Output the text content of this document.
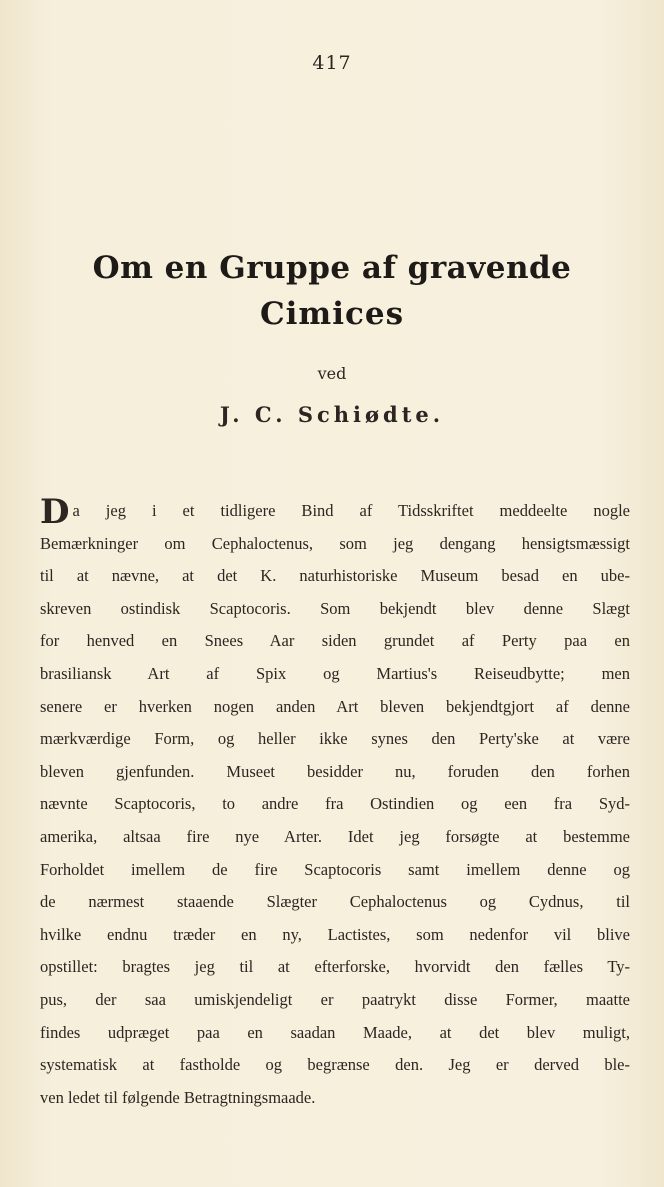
417
Om en Gruppe af gravende
Cimices
ved
J. C. Schiødte.
D a jeg i et tidligere Bind af Tidsskriftet meddeelte nogle
Bemærkninger om Cephaloctenus, som jeg dengang hensigtsmæssigt
til at nævne, at det K. naturhistoriske Museum besad en ube-
skreven ostindisk Scaptocoris. Som bekjendt blev denne Slægt
for henved en Snees Aar siden grundet af Perty paa en
brasiliansk Art af Spix og Martius's Reiseudbytte; men
senere er hverken nogen anden Art bleven bekjendtgjort af denne
mærkværdige Form, og heller ikke synes den Perty'ske at være
bleven gjenfunden. Museet besidder nu, foruden den forhen
nævnte Scaptocoris, to andre fra Ostindien og een fra Syd-
amerika, altsaa fire nye Arter. Idet jeg forsøgte at bestemme
Forholdet imellem de fire Scaptocoris samt imellem denne og
de nærmest staaende Slægter Cephaloctenus og Cydnus, til
hvilke endnu træder en ny, Lactistes, som nedenfor vil blive
opstillet: bragtes jeg til at efterforske, hvorvidt den fælles Ty-
pus, der saa umiskjendeligt er paatrykt disse Former, maatte
findes udpræget paa en saadan Maade, at det blev muligt,
systematisk at fastholde og begrænse den. Jeg er derved ble-
ven ledet til følgende Betragtningsmaade.
